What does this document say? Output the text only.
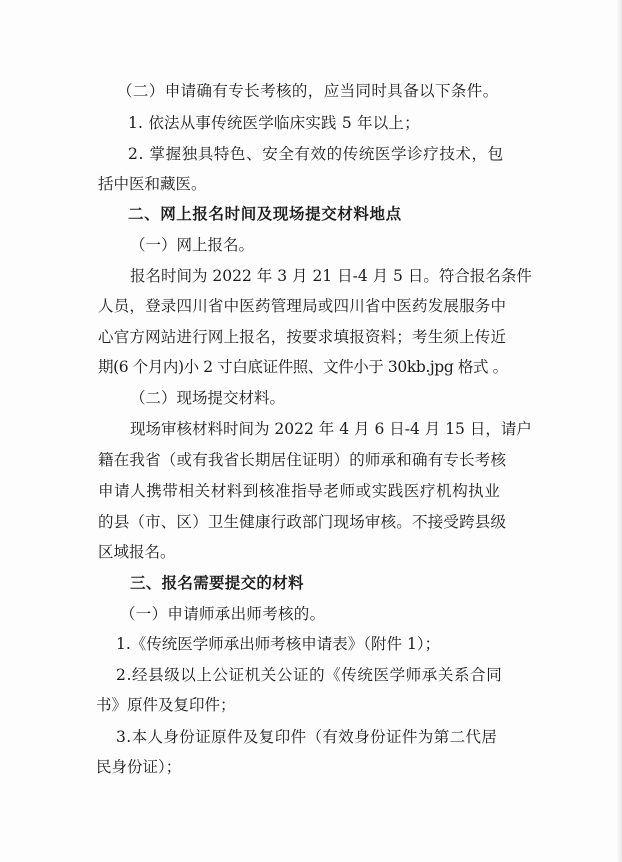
（二）申请确有专长考核的，应当同时具备以下条件。
1. 依法从事传统医学临床实践 5 年以上；
2. 掌握独具特色、安全有效的传统医学诊疗技术，包
括中医和藏医。
二、网上报名时间及现场提交材料地点
（一）网上报名。
报名时间为 2022 年 3 月 21 日-4 月 5 日。符合报名条件
人员，登录四川省中医药管理局或四川省中医药发展服务中
心官方网站进行网上报名，按要求填报资料；考生须上传近
期(6 个月内)小 2 寸白底证件照、文件小于 30kb.jpg 格式 。
（二）现场提交材料。
现场审核材料时间为 2022 年 4 月 6 日-4 月 15 日，请户
籍在我省（或有我省长期居住证明）的师承和确有专长考核
申请人携带相关材料到核准指导老师或实践医疗机构执业
的县（市、区）卫生健康行政部门现场审核。不接受跨县级
区域报名。
三、报名需要提交的材料
（一）申请师承出师考核的。
1.《传统医学师承出师考核申请表》（附件 1）；
2.经县级以上公证机关公证的《传统医学师承关系合同
书》原件及复印件；
3.本人身份证原件及复印件（有效身份证件为第二代居
民身份证）；
